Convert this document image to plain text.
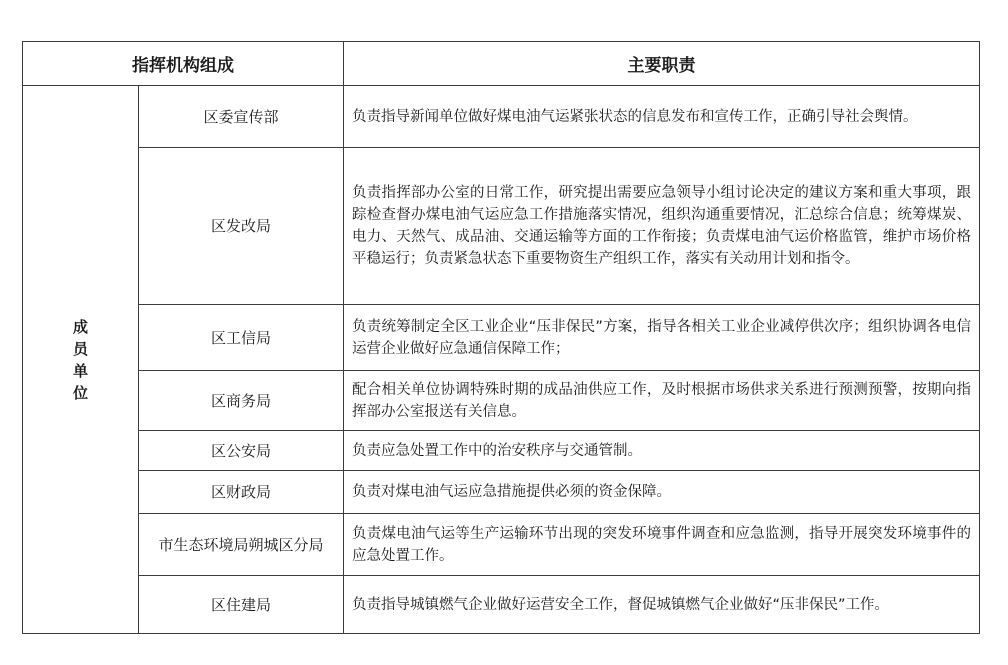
指挥机构组成		主要职责

成
员
单
位	区委宣传部	负责指导新闻单位做好煤电油气运紧张状态的信息发布和宣传工作，正确引导社会舆情。
	区发改局	负责指挥部办公室的日常工作，研究提出需要应急领导小组讨论决定的建议方案和重大事项，跟踪检查督办煤电油气运应急工作措施落实情况，组织沟通重要情况，汇总综合信息；统筹煤炭、电力、天然气、成品油、交通运输等方面的工作衔接；负责煤电油气运价格监管，维护市场价格平稳运行；负责紧急状态下重要物资生产组织工作，落实有关动用计划和指令。
	区工信局	负责统筹制定全区工业企业“压非保民”方案，指导各相关工业企业减停供次序；组织协调各电信运营企业做好应急通信保障工作；
	区商务局	配合相关单位协调特殊时期的成品油供应工作，及时根据市场供求关系进行预测预警，按期向指挥部办公室报送有关信息。
	区公安局	负责应急处置工作中的治安秩序与交通管制。
	区财政局	负责对煤电油气运应急措施提供必须的资金保障。
	市生态环境局朔城区分局	负责煤电油气运等生产运输环节出现的突发环境事件调查和应急监测，指导开展突发环境事件的应急处置工作。
	区住建局	负责指导城镇燃气企业做好运营安全工作，督促城镇燃气企业做好“压非保民”工作。
